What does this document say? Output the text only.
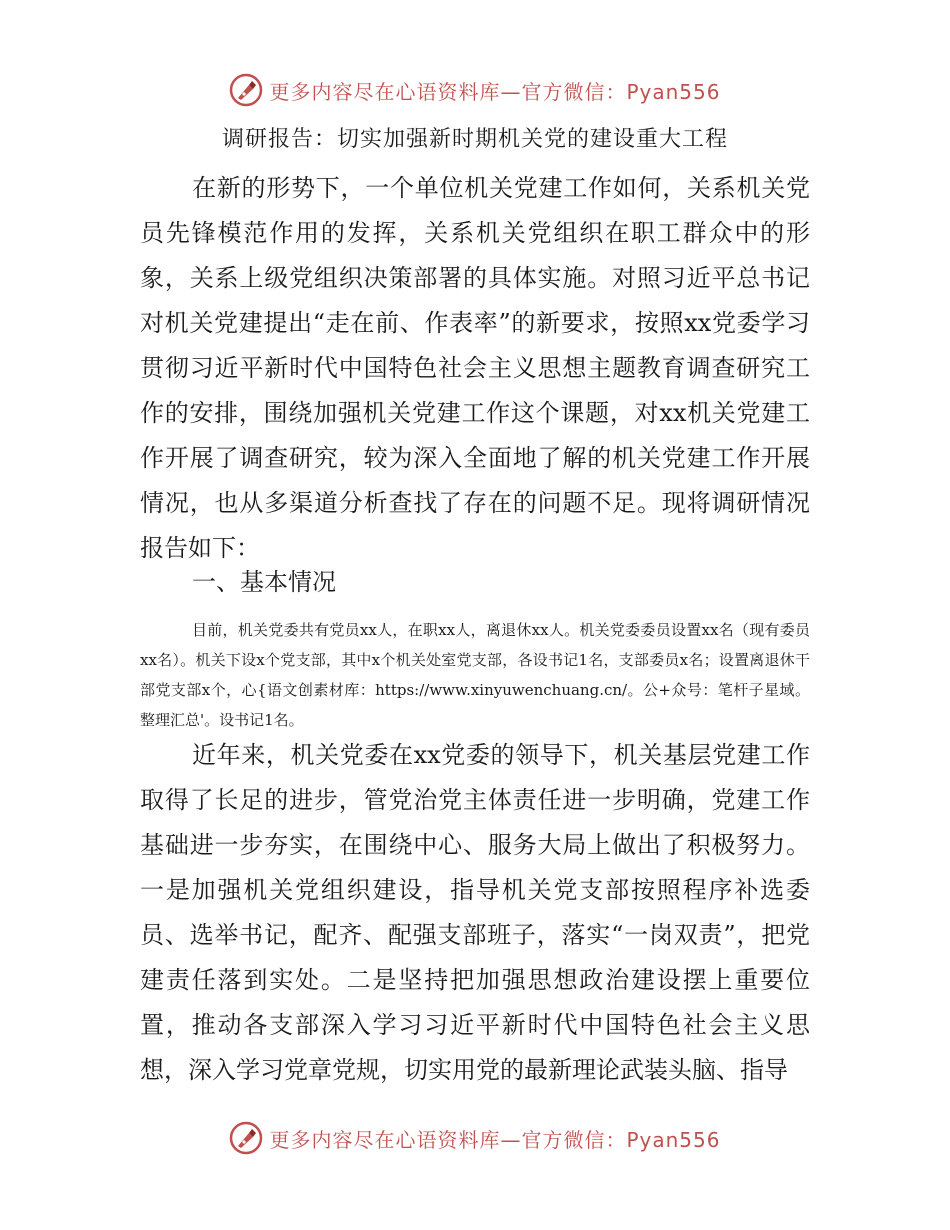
更多内容尽在心语资料库—官方微信：Pyan556
调研报告：切实加强新时期机关党的建设重大工程

在新的形势下，一个单位机关党建工作如何，关系机关党员先锋模范作用的发挥，关系机关党组织在职工群众中的形象，关系上级党组织决策部署的具体实施。对照习近平总书记对机关党建提出“走在前、作表率”的新要求，按照xx党委学习贯彻习近平新时代中国特色社会主义思想主题教育调查研究工作的安排，围绕加强机关党建工作这个课题，对xx机关党建工作开展了调查研究，较为深入全面地了解的机关党建工作开展情况，也从多渠道分析查找了存在的问题不足。现将调研情况报告如下：

一、基本情况

目前，机关党委共有党员xx人，在职xx人，离退休xx人。机关党委委员设置xx名（现有委员xx名）。机关下设x个党支部，其中x个机关处室党支部，各设书记1名，支部委员x名；设置离退休干部党支部x个，心{语文创素材库：https://www.xinyuwenchuang.cn/。公+众号：笔杆子星域。整理汇总'。设书记1名。

近年来，机关党委在xx党委的领导下，机关基层党建工作取得了长足的进步，管党治党主体责任进一步明确，党建工作基础进一步夯实，在围绕中心、服务大局上做出了积极努力。一是加强机关党组织建设，指导机关党支部按照程序补选委员、选举书记，配齐、配强支部班子，落实“一岗双责”，把党建责任落到实处。二是坚持把加强思想政治建设摆上重要位置，推动各支部深入学习习近平新时代中国特色社会主义思想，深入学习党章党规，切实用党的最新理论武装头脑、指导

更多内容尽在心语资料库—官方微信：Pyan556
